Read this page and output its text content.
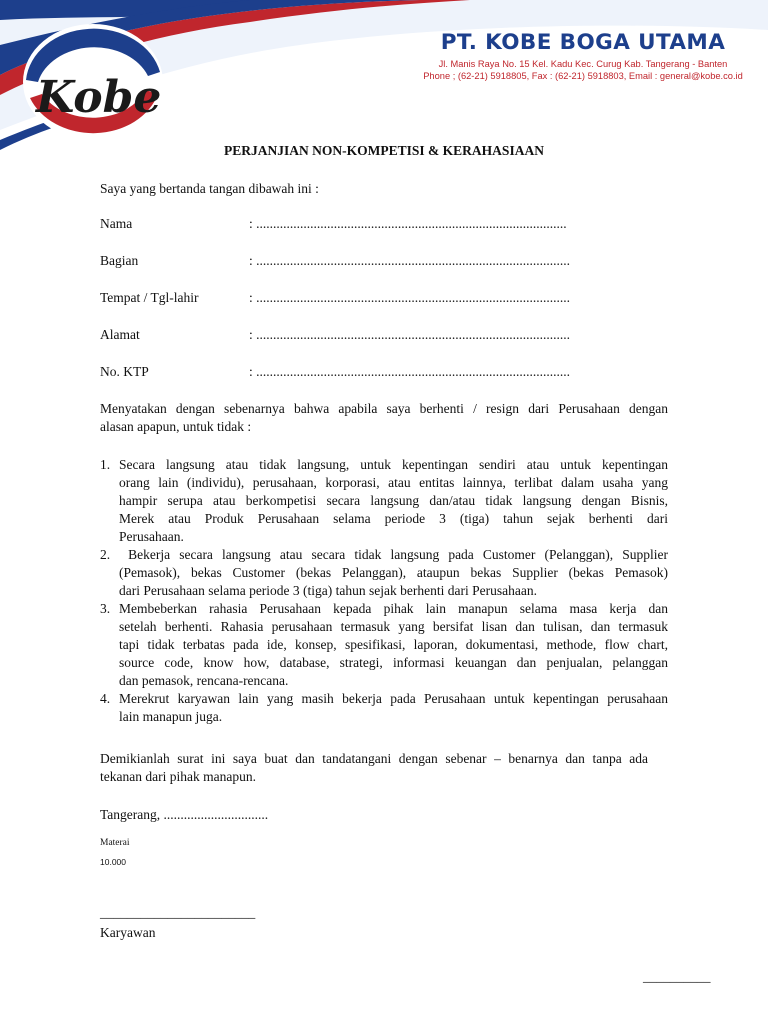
Kobe
PT. KOBE BOGA UTAMA
Jl. Manis Raya No. 15 Kel. Kadu Kec. Curug Kab. Tangerang - Banten
Phone ; (62-21) 5918805, Fax : (62-21) 5918803, Email : general@kobe.co.id
PERJANJIAN NON-KOMPETISI & KERAHASIAAN
Saya yang bertanda tangan dibawah ini :
Nama	: ............................................................................................
Bagian	: .............................................................................................
Tempat / Tgl-lahir	: .............................................................................................
Alamat	: .............................................................................................
No. KTP	: .............................................................................................
Menyatakan dengan sebenarnya bahwa apabila saya berhenti / resign dari Perusahaan dengan
alasan apapun, untuk tidak :
1. Secara langsung atau tidak langsung, untuk kepentingan sendiri atau untuk kepentingan
orang lain (individu), perusahaan, korporasi, atau entitas lainnya, terlibat dalam usaha yang
hampir serupa atau berkompetisi secara langsung dan/atau tidak langsung dengan Bisnis,
Merek atau Produk Perusahaan selama periode 3 (tiga) tahun sejak berhenti dari
Perusahaan.
2. Bekerja secara langsung atau secara tidak langsung pada Customer (Pelanggan), Supplier
(Pemasok), bekas Customer (bekas Pelanggan), ataupun bekas Supplier (bekas Pemasok)
dari Perusahaan selama periode 3 (tiga) tahun sejak berhenti dari Perusahaan.
3. Membeberkan rahasia Perusahaan kepada pihak lain manapun selama masa kerja dan
setelah berhenti. Rahasia perusahaan termasuk yang bersifat lisan dan tulisan, dan termasuk
tapi tidak terbatas pada ide, konsep, spesifikasi, laporan, dokumentasi, methode, flow chart,
source code, know how, database, strategi, informasi keuangan dan penjualan, pelanggan
dan pemasok, rencana-rencana.
4. Merekrut karyawan lain yang masih bekerja pada Perusahaan untuk kepentingan perusahaan
lain manapun juga.
Demikianlah surat ini saya buat dan tandatangani dengan sebenar – benarnya dan tanpa ada
tekanan dari pihak manapun.
Tangerang, ...............................
Materai
10.000
_______________________
Karyawan
__________
